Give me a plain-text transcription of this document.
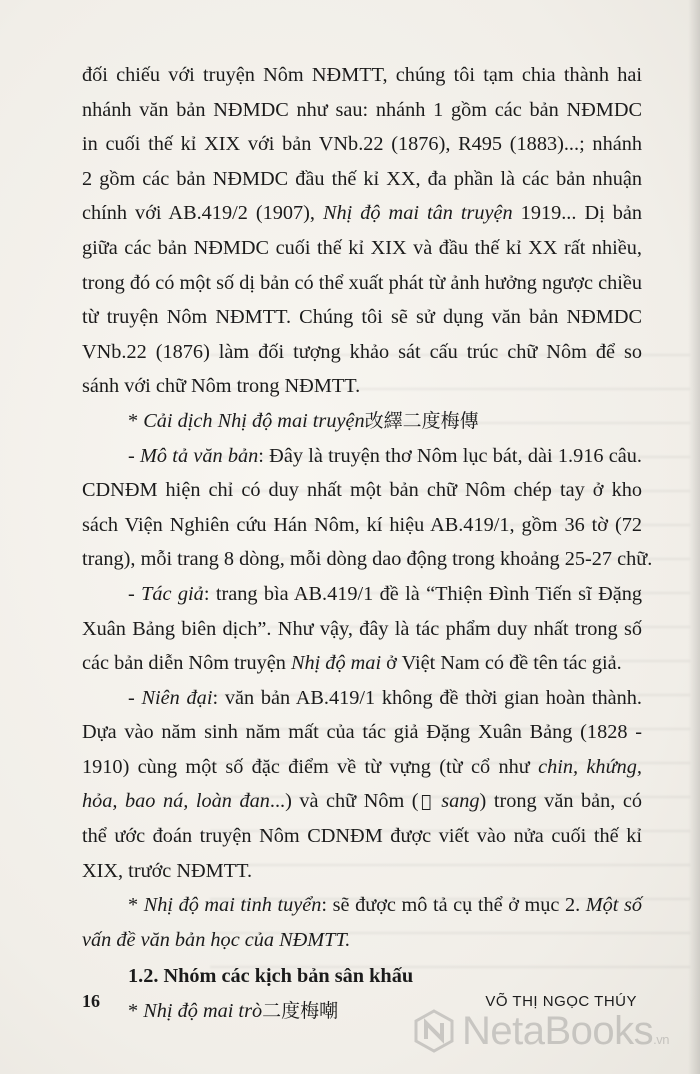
đối chiếu với truyện Nôm NĐMTT, chúng tôi tạm chia thành hai
nhánh văn bản NĐMDC như sau: nhánh 1 gồm các bản NĐMDC
in cuối thế kỉ XIX với bản VNb.22 (1876), R495 (1883)...; nhánh
2 gồm các bản NĐMDC đầu thế kỉ XX, đa phần là các bản nhuận
chính với AB.419/2 (1907), Nhị độ mai tân truyện 1919... Dị bản
giữa các bản NĐMDC cuối thế kỉ XIX và đầu thế kỉ XX rất nhiều,
trong đó có một số dị bản có thể xuất phát từ ảnh hưởng ngược chiều
từ truyện Nôm NĐMTT. Chúng tôi sẽ sử dụng văn bản NĐMDC
VNb.22 (1876) làm đối tượng khảo sát cấu trúc chữ Nôm để so
sánh với chữ Nôm trong NĐMTT.
* Cải dịch Nhị độ mai truyện改繹二度梅傳
- Mô tả văn bản: Đây là truyện thơ Nôm lục bát, dài 1.916 câu.
CDNĐM hiện chỉ có duy nhất một bản chữ Nôm chép tay ở kho
sách Viện Nghiên cứu Hán Nôm, kí hiệu AB.419/1, gồm 36 tờ (72
trang), mỗi trang 8 dòng, mỗi dòng dao động trong khoảng 25-27 chữ.
- Tác giả: trang bìa AB.419/1 đề là “Thiện Đình Tiến sĩ Đặng
Xuân Bảng biên dịch”. Như vậy, đây là tác phẩm duy nhất trong số
các bản diễn Nôm truyện Nhị độ mai ở Việt Nam có đề tên tác giả.
- Niên đại: văn bản AB.419/1 không đề thời gian hoàn thành.
Dựa vào năm sinh năm mất của tác giả Đặng Xuân Bảng (1828 -
1910) cùng một số đặc điểm về từ vựng (từ cổ như chin, khứng,
hỏa, bao ná, loàn đan...) và chữ Nôm (𡗶 sang) trong văn bản, có
thể ước đoán truyện Nôm CDNĐM được viết vào nửa cuối thế kỉ
XIX, trước NĐMTT.
* Nhị độ mai tinh tuyển: sẽ được mô tả cụ thể ở mục 2. Một số
vấn đề văn bản học của NĐMTT.
1.2. Nhóm các kịch bản sân khấu
* Nhị độ mai trò二度梅嘲
16	VÕ THỊ NGỌC THÚY
NetaBooks.vn
